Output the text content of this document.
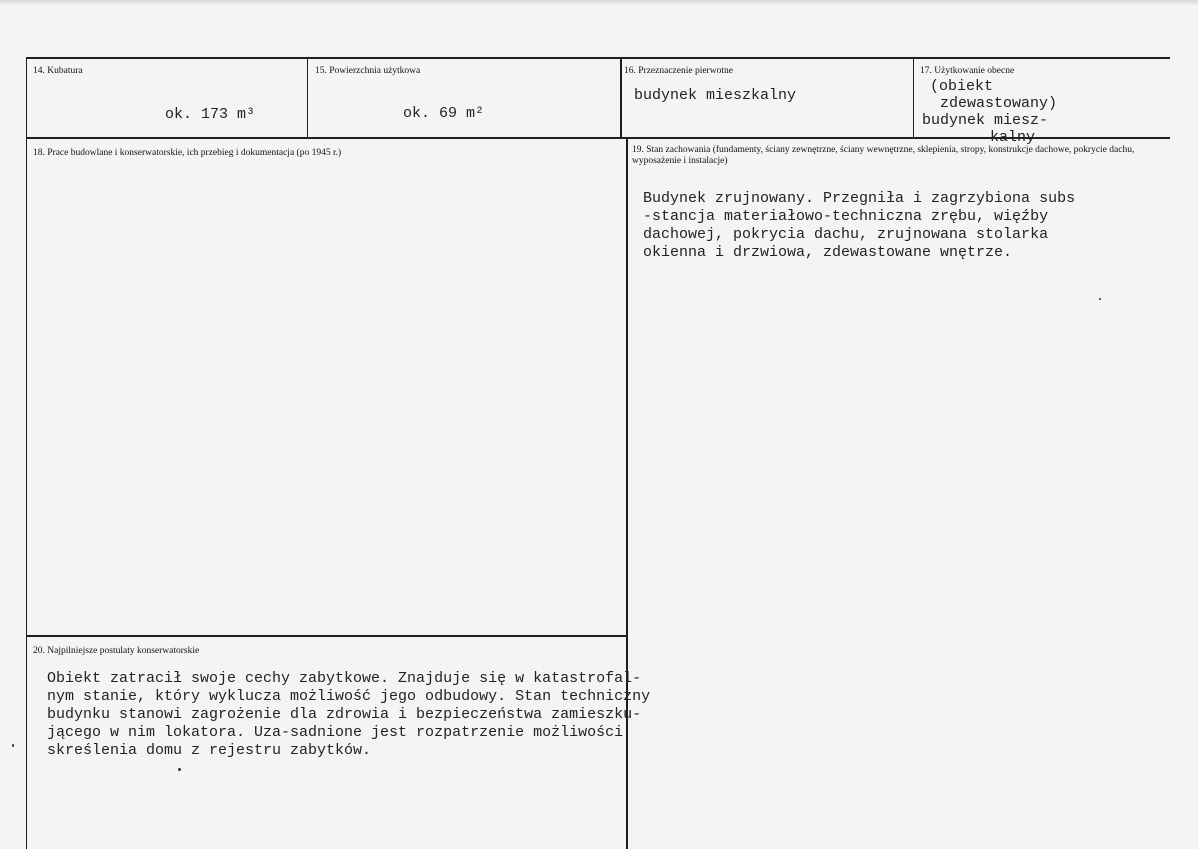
14. Kubatura
ok. 173 m³
15. Powierzchnia użytkowa
ok. 69 m²
16. Przeznaczenie pierwotne
budynek mieszkalny
17. Użytkowanie obecne
(obiekt
zdewastowany)
budynek miesz-
kalny
18. Prace budowlane i konserwatorskie, ich przebieg i dokumentacja (po 1945 r.)	19. Stan zachowania (fundamenty, ściany zewnętrzne, ściany wewnętrzne, sklepienia, stropy, konstrukcje dachowe, pokrycie dachu, wyposażenie i instalacje)
Budynek zrujnowany. Przegniła i zagrzybiona subs
-stancja materiałowo-techniczna zrębu, więźby
dachowej, pokrycia dachu, zrujnowana stolarka
okienna i drzwiowa, zdewastowane wnętrze.
20. Najpilniejsze postulaty konserwatorskie
Obiekt zatracił swoje cechy zabytkowe. Znajduje się w katastrofal-
nym stanie, który wyklucza możliwość jego odbudowy. Stan techniczny
budynku stanowi zagrożenie dla zdrowia i bezpieczeństwa zamieszku-
jącego w nim lokatora. Uza-sadnione jest rozpatrzenie możliwości
skreślenia domu z rejestru zabytków.
